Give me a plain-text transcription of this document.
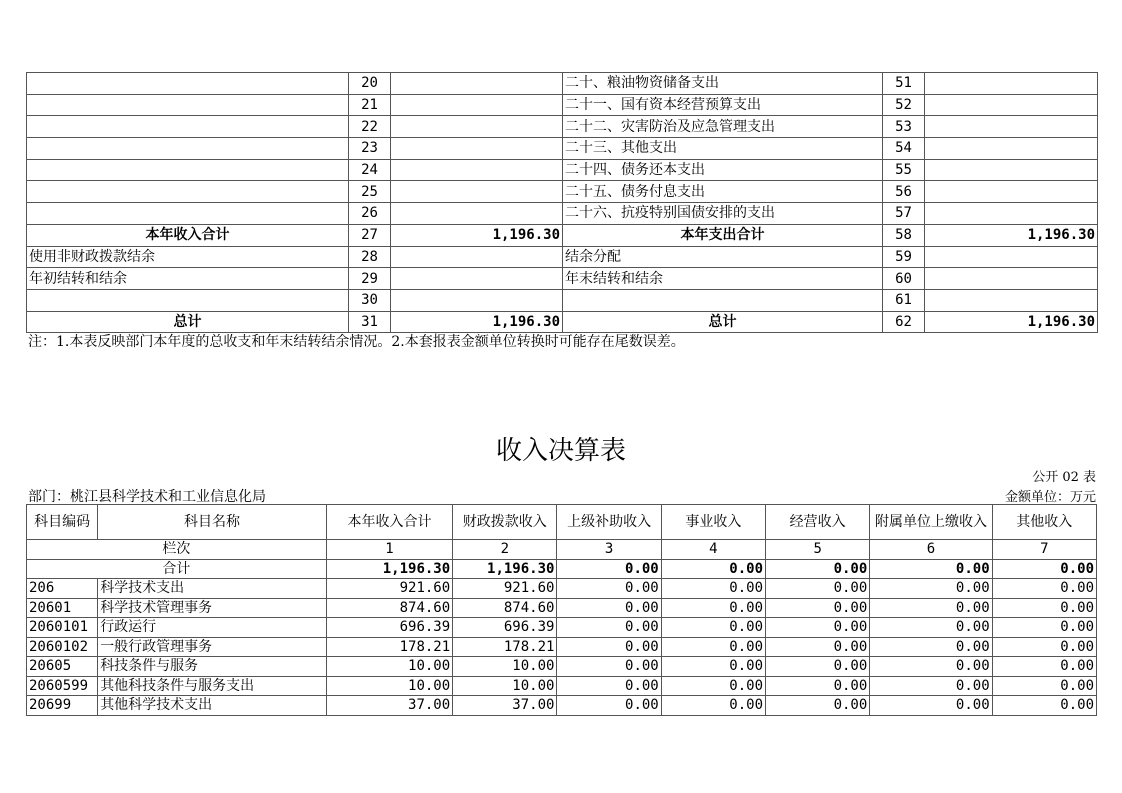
	20		二十、粮油物资储备支出	51	
	21		二十一、国有资本经营预算支出	52	
	22		二十二、灾害防治及应急管理支出	53	
	23		二十三、其他支出	54	
	24		二十四、债务还本支出	55	
	25		二十五、债务付息支出	56	
	26		二十六、抗疫特别国债安排的支出	57	
本年收入合计	27	1,196.30	本年支出合计	58	1,196.30
使用非财政拨款结余	28		结余分配	59	
年初结转和结余	29		年末结转和结余	60	
	30			61	
总计	31	1,196.30	总计	62	1,196.30
注：1.本表反映部门本年度的总收支和年末结转结余情况。2.本套报表金额单位转换时可能存在尾数误差。
收入决算表
公开 02 表
部门：桃江县科学技术和工业信息化局	金额单位：万元
科目编码	科目名称	本年收入合计	财政拨款收入	上级补助收入	事业收入	经营收入	附属单位上缴收入	其他收入
栏次		1	2	3	4	5	6	7
合计		1,196.30	1,196.30	0.00	0.00	0.00	0.00	0.00
206	科学技术支出	921.60	921.60	0.00	0.00	0.00	0.00	0.00
20601	科学技术管理事务	874.60	874.60	0.00	0.00	0.00	0.00	0.00
2060101	行政运行	696.39	696.39	0.00	0.00	0.00	0.00	0.00
2060102	一般行政管理事务	178.21	178.21	0.00	0.00	0.00	0.00	0.00
20605	科技条件与服务	10.00	10.00	0.00	0.00	0.00	0.00	0.00
2060599	其他科技条件与服务支出	10.00	10.00	0.00	0.00	0.00	0.00	0.00
20699	其他科学技术支出	37.00	37.00	0.00	0.00	0.00	0.00	0.00
